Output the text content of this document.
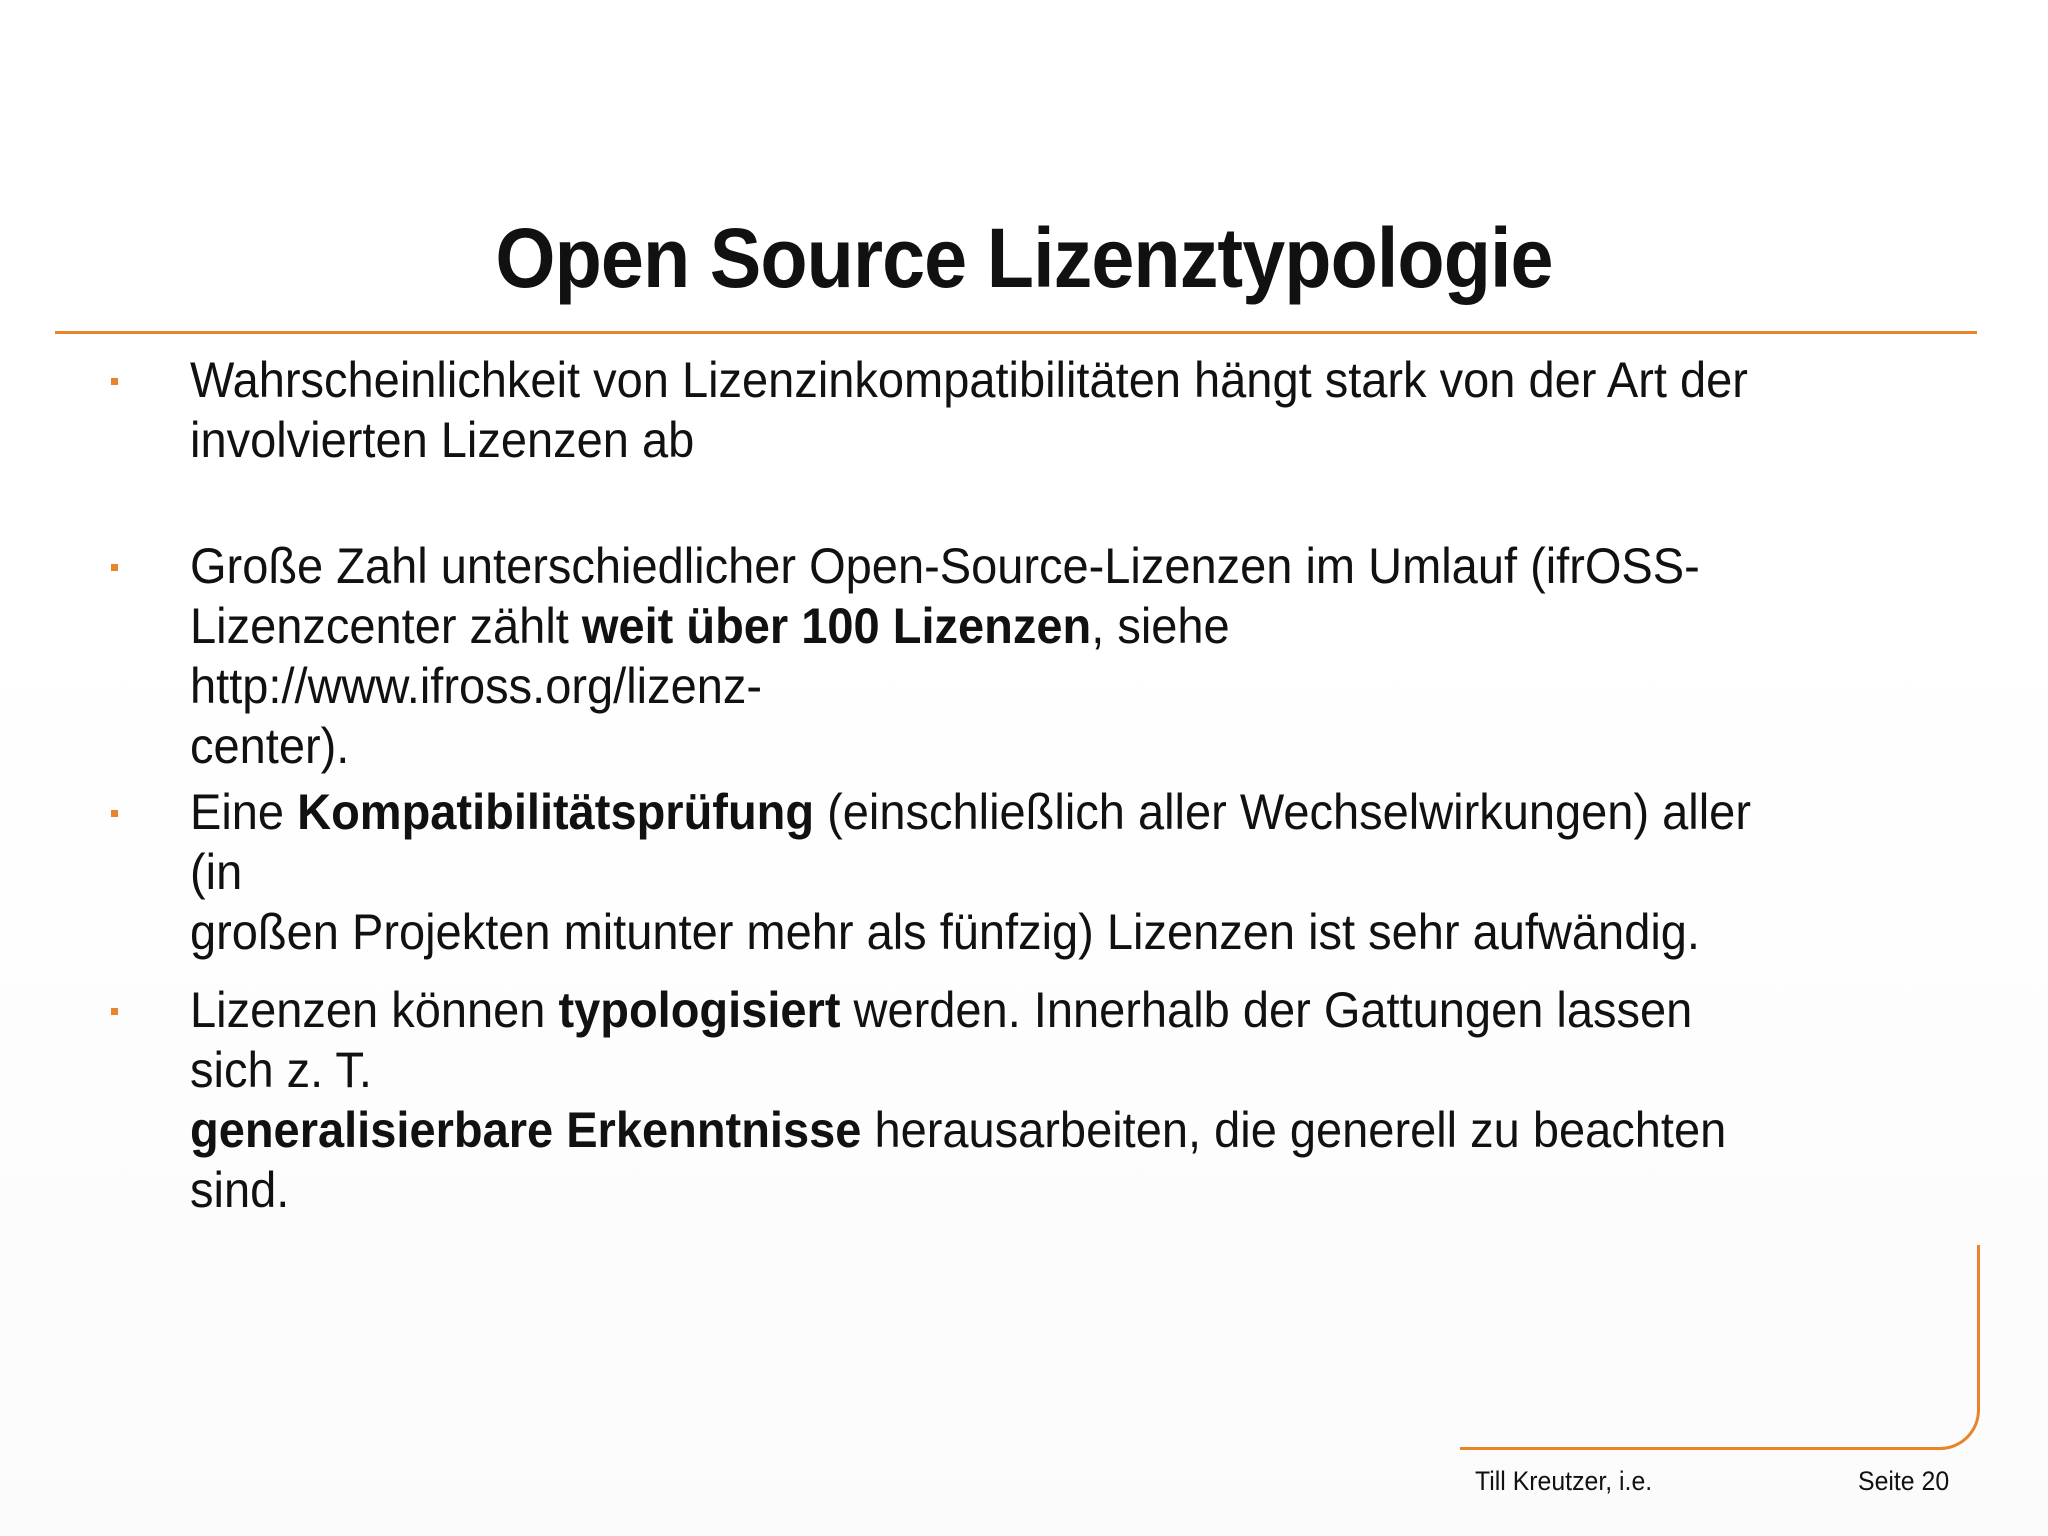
Open Source Lizenztypologie
Wahrscheinlichkeit von Lizenzinkompatibilitäten hängt stark von der Art der
involvierten Lizenzen ab
Große Zahl unterschiedlicher Open-Source-Lizenzen im Umlauf (ifrOSS-
Lizenzcenter zählt weit über 100 Lizenzen, siehe http://www.ifross.org/lizenz-
center).
Eine Kompatibilitätsprüfung (einschließlich aller Wechselwirkungen) aller (in
großen Projekten mitunter mehr als fünfzig) Lizenzen ist sehr aufwändig.
Lizenzen können typologisiert werden. Innerhalb der Gattungen lassen sich z. T.
generalisierbare Erkenntnisse herausarbeiten, die generell zu beachten sind.
Till Kreutzer, i.e.	Seite 20
